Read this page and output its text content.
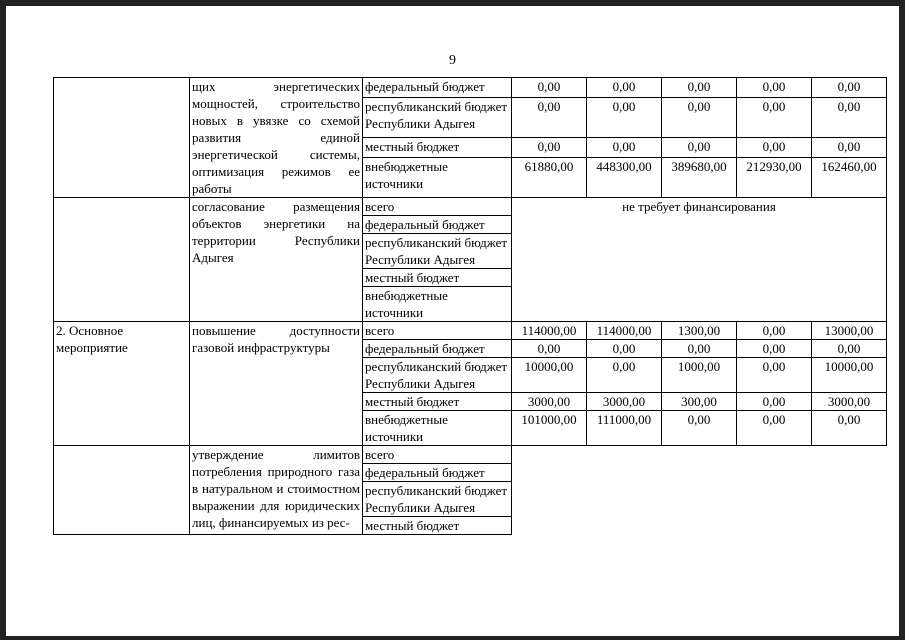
9
	щих энергетических мощностей, строительство новых в увязке со схемой развития единой энергетической системы, оптимизация режимов ее работы	федеральный бюджет	0,00	0,00	0,00	0,00	0,00
		республиканский бюджет Республики Адыгея	0,00	0,00	0,00	0,00	0,00
		местный бюджет	0,00	0,00	0,00	0,00	0,00
		внебюджетные источники	61880,00	448300,00	389680,00	212930,00	162460,00
	согласование размещения объектов энергетики на территории Республики Адыгея	всего	не требует финансирования				
		федеральный бюджет					
		республиканский бюджет Республики Адыгея					
		местный бюджет					
		внебюджетные источники					
2. Основное мероприятие	повышение доступности газовой инфраструктуры	всего	114000,00	114000,00	1300,00	0,00	13000,00
		федеральный бюджет	0,00	0,00	0,00	0,00	0,00
		республиканский бюджет Республики Адыгея	10000,00	0,00	1000,00	0,00	10000,00
		местный бюджет	3000,00	3000,00	300,00	0,00	3000,00
		внебюджетные источники	101000,00	111000,00	0,00	0,00	0,00
	утверждение лимитов потребления природного газа в натуральном и стоимостном выражении для юридических лиц, финансируемых из рес-	всего					
		федеральный бюджет					
		республиканский бюджет Республики Адыгея					
		местный бюджет					
